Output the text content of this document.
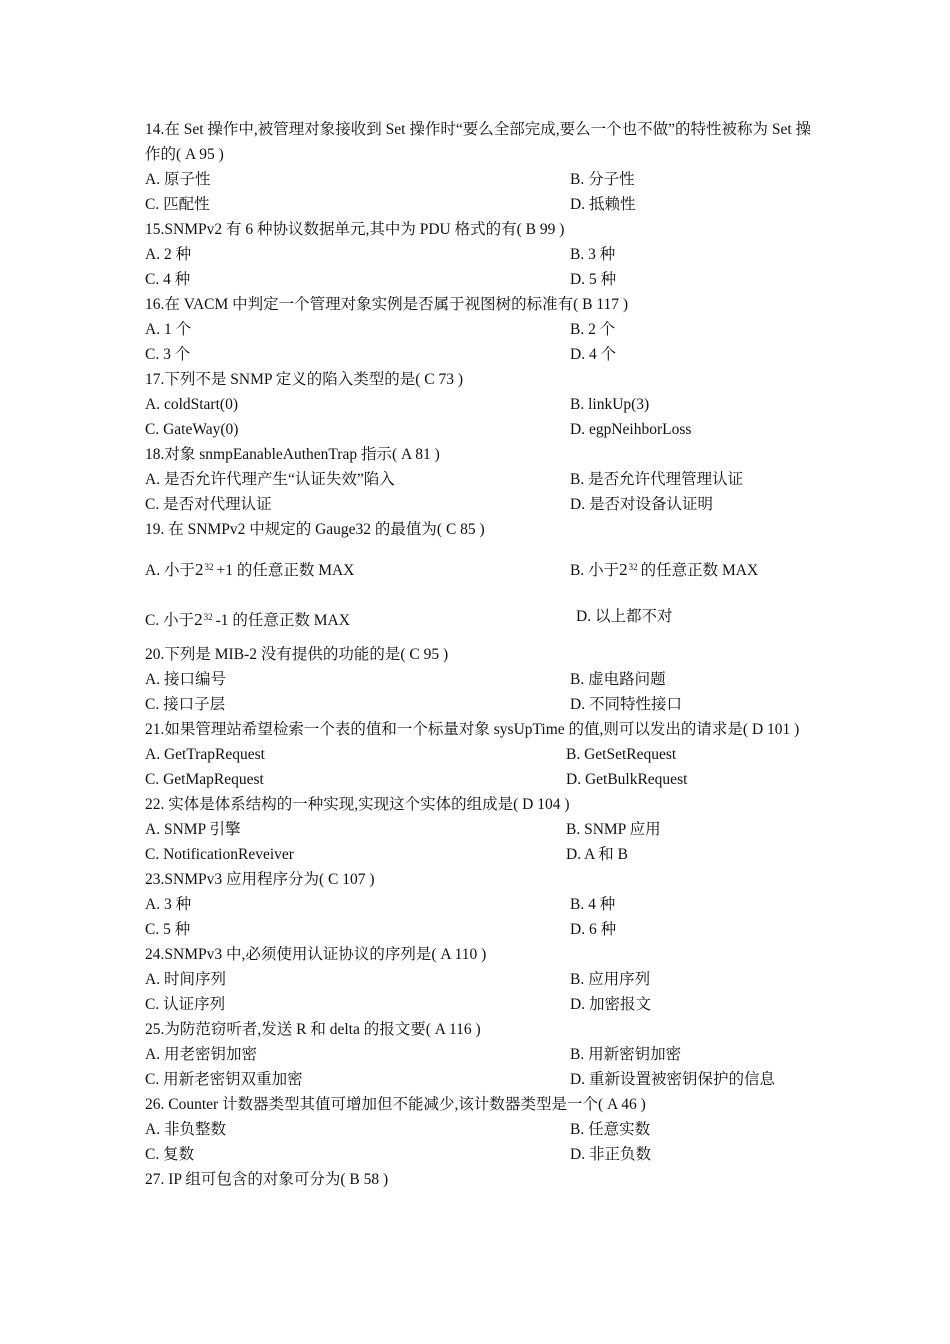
14.在 Set 操作中,被管理对象接收到 Set 操作时“要么全部完成,要么一个也不做”的特性被称为 Set 操作的( A 95 )
A. 原子性	B. 分子性
C. 匹配性	D. 抵赖性
15.SNMPv2 有 6 种协议数据单元,其中为 PDU 格式的有( B 99 )
A. 2 种	B. 3 种
C. 4 种	D. 5 种
16.在 VACM 中判定一个管理对象实例是否属于视图树的标准有( B 117 )
A. 1 个	B. 2 个
C. 3 个	D. 4 个
17.下列不是 SNMP 定义的陷入类型的是( C 73 )
A. coldStart(0)	B. linkUp(3)
C. GateWay(0)	D. egpNeihborLoss
18.对象 snmpEanableAuthenTrap 指示( A 81 )
A. 是否允许代理产生“认证失效”陷入	B. 是否允许代理管理认证
C. 是否对代理认证	D. 是否对设备认证明
19. 在 SNMPv2 中规定的 Gauge32 的最值为( C 85 )
A. 小于$2^{32} +1$ 的任意正数 MAX	B. 小于$2^{32}$ 的任意正数 MAX
C. 小于$2^{32}$ -1 的任意正数 MAX	D. 以上都不对
20.下列是 MIB-2 没有提供的功能的是( C 95 )
A. 接口编号	B. 虚电路问题
C. 接口子层	D. 不同特性接口
21.如果管理站希望检索一个表的值和一个标量对象 sysUpTime 的值,则可以发出的请求是( D 101 )
A. GetTrapRequest	B. GetSetRequest
C. GetMapRequest	D. GetBulkRequest
22. 实体是体系结构的一种实现,实现这个实体的组成是( D 104 )
A. SNMP 引擎	B. SNMP 应用
C. NotificationReveiver	D. A 和 B
23.SNMPv3 应用程序分为( C 107 )
A. 3 种	B. 4 种
C. 5 种	D. 6 种
24.SNMPv3 中,必须使用认证协议的序列是( A 110 )
A. 时间序列	B. 应用序列
C. 认证序列	D. 加密报文
25.为防范窃听者,发送 R 和 delta 的报文要( A 116 )
A. 用老密钥加密	B. 用新密钥加密
C. 用新老密钥双重加密	D. 重新设置被密钥保护的信息
26. Counter 计数器类型其值可增加但不能减少,该计数器类型是一个( A 46 )
A. 非负整数	B. 任意实数
C. 复数	D. 非正负数
27. IP 组可包含的对象可分为( B 58 )
